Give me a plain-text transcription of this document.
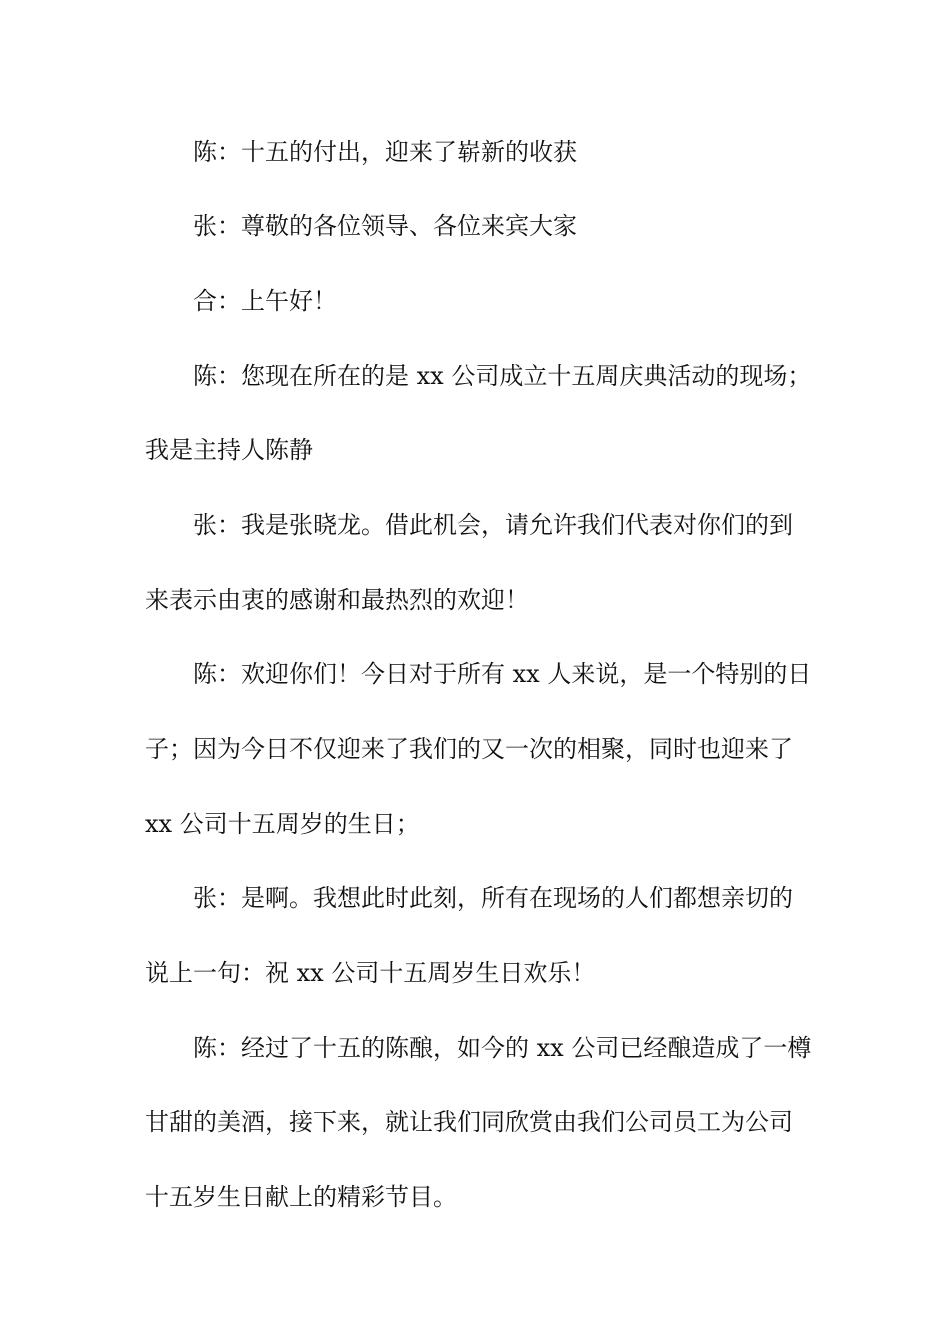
陈：十五的付出，迎来了崭新的收获

张：尊敬的各位领导、各位来宾大家

合：上午好！

陈：您现在所在的是 xx 公司成立十五周庆典活动的现场；

我是主持人陈静

张：我是张晓龙。借此机会，请允许我们代表对你们的到

来表示由衷的感谢和最热烈的欢迎！

陈：欢迎你们！今日对于所有 xx 人来说，是一个特别的日

子；因为今日不仅迎来了我们的又一次的相聚，同时也迎来了

xx 公司十五周岁的生日；

张：是啊。我想此时此刻，所有在现场的人们都想亲切的

说上一句：祝 xx 公司十五周岁生日欢乐！

陈：经过了十五的陈酿，如今的 xx 公司已经酿造成了一樽

甘甜的美酒，接下来，就让我们同欣赏由我们公司员工为公司

十五岁生日献上的精彩节目。
